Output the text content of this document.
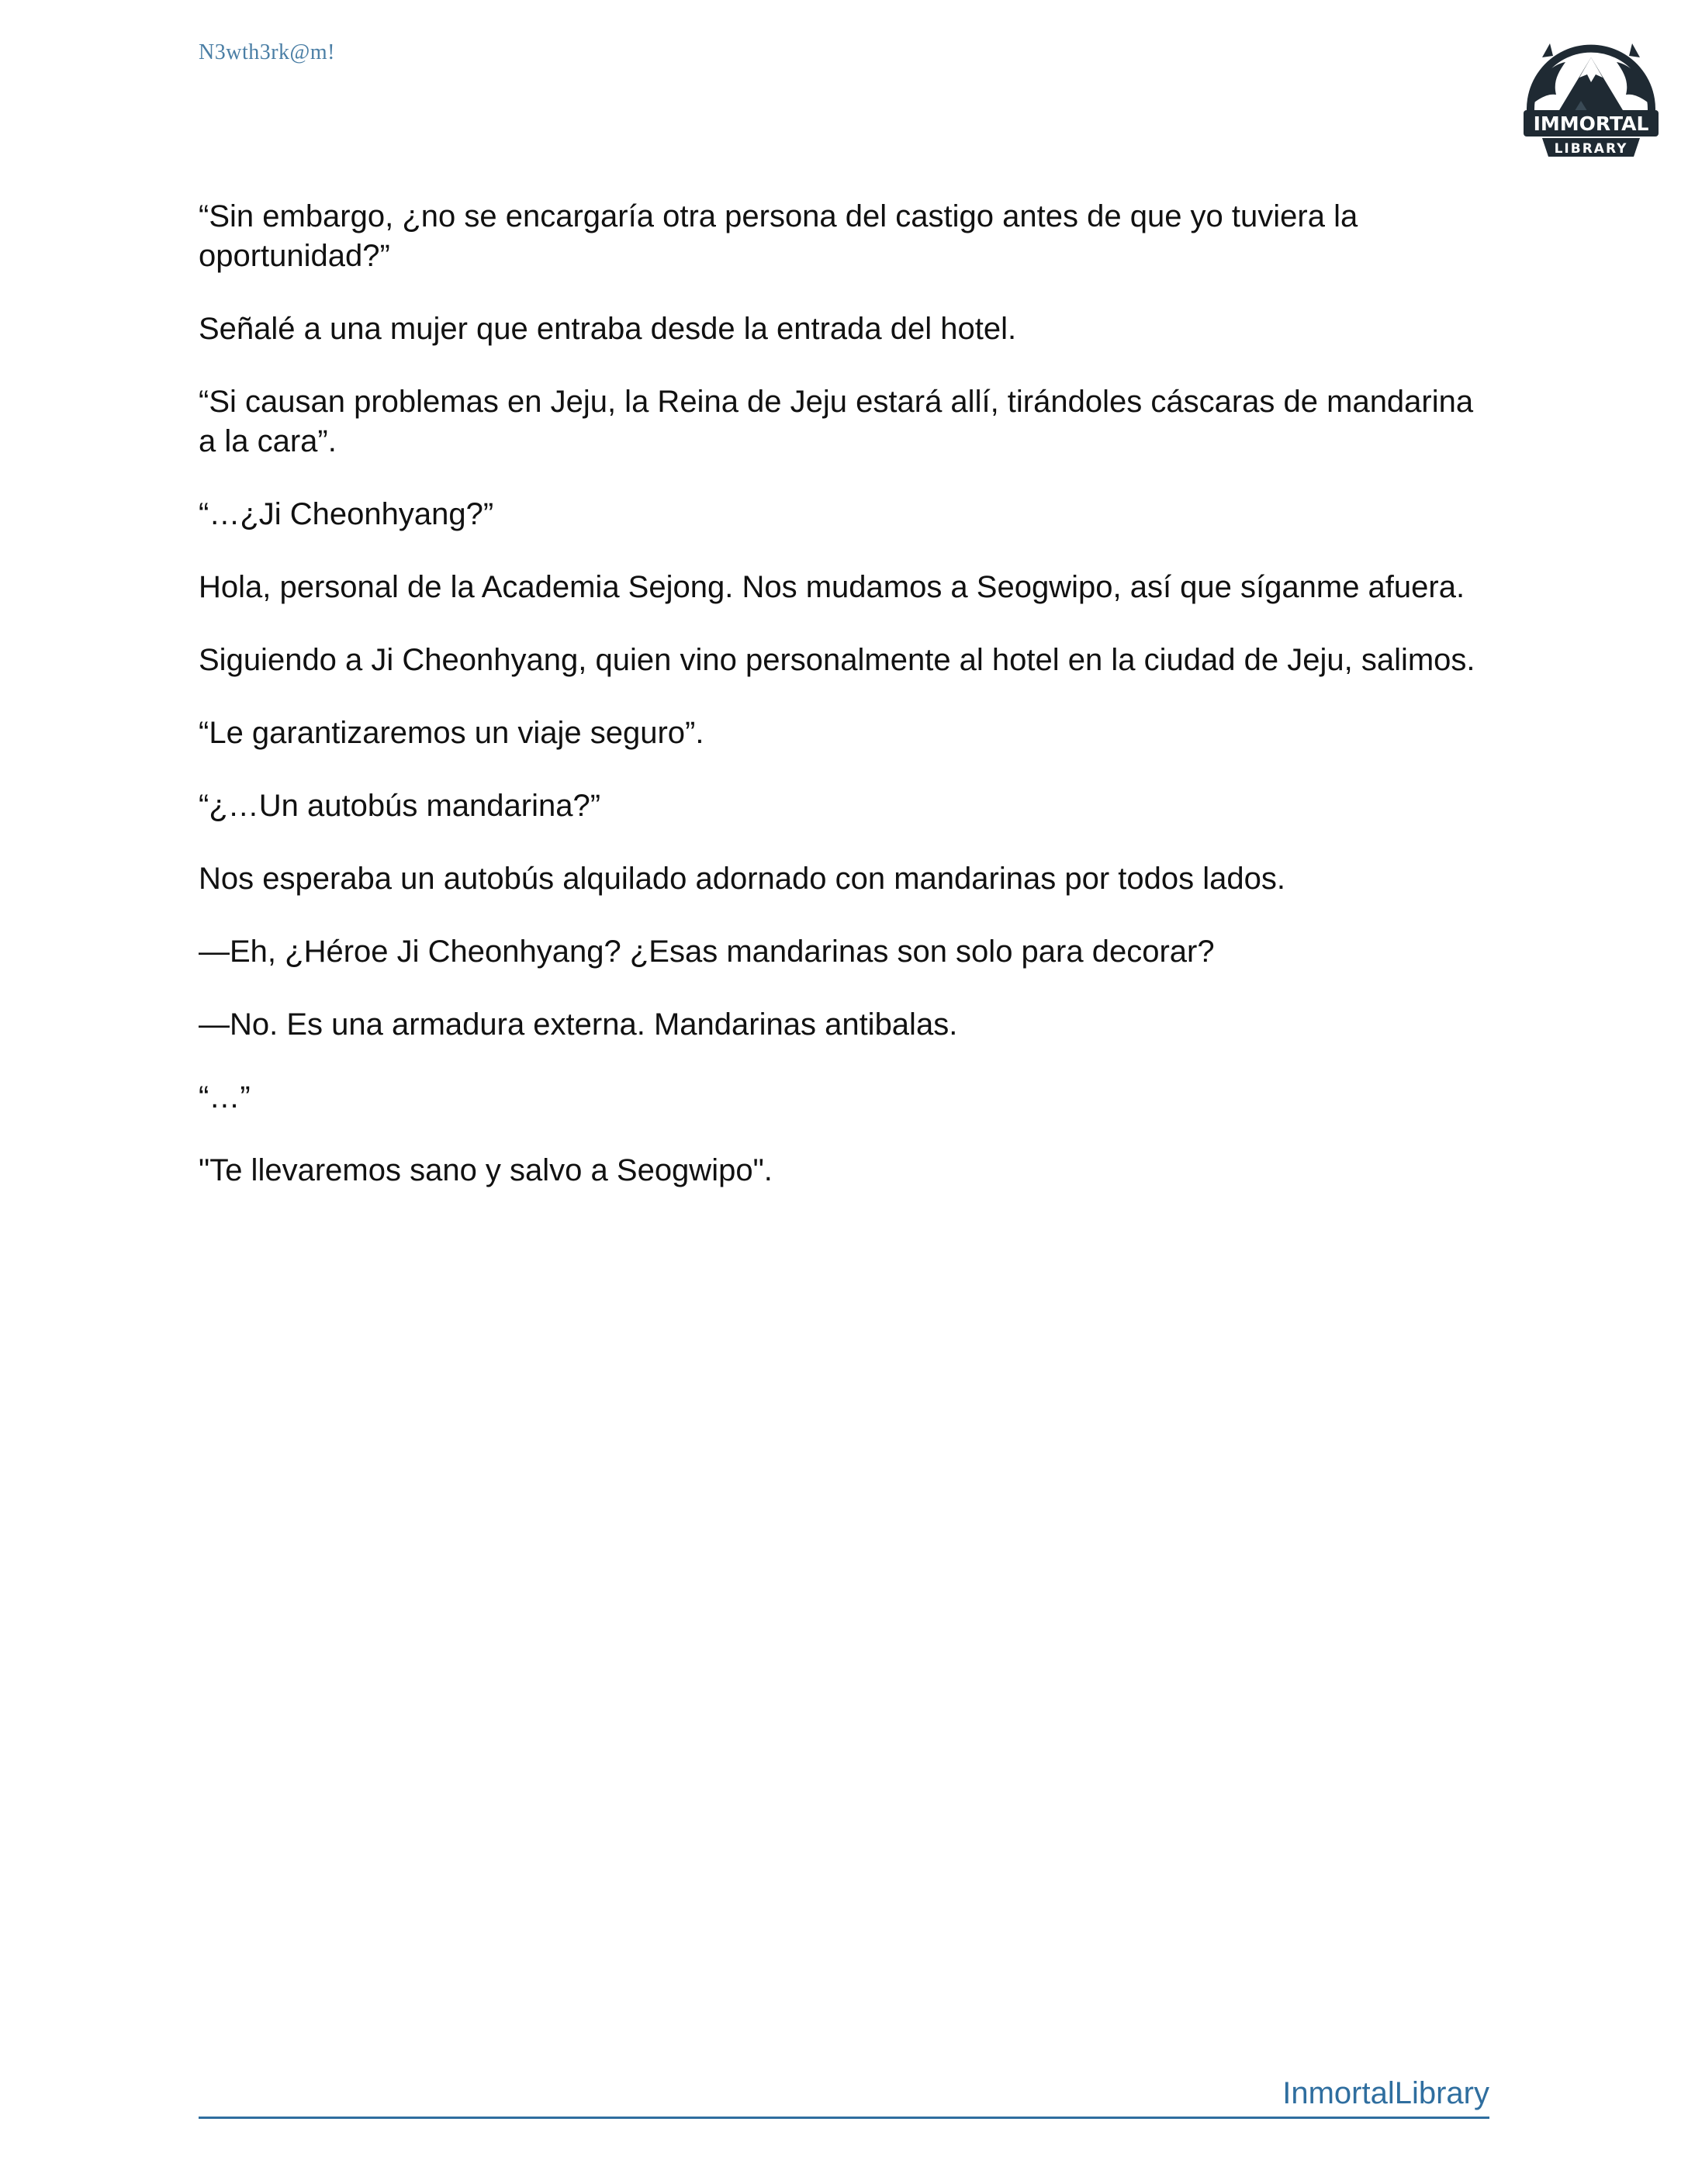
N3wth3rk@m!
IMMORTAL
LIBRARY

“Sin embargo, ¿no se encargaría otra persona del castigo antes de que yo tuviera la oportunidad?”

Señalé a una mujer que entraba desde la entrada del hotel.

“Si causan problemas en Jeju, la Reina de Jeju estará allí, tirándoles cáscaras de mandarina a la cara”.

“…¿Ji Cheonhyang?”

Hola, personal de la Academia Sejong. Nos mudamos a Seogwipo, así que síganme afuera.

Siguiendo a Ji Cheonhyang, quien vino personalmente al hotel en la ciudad de Jeju, salimos.

“Le garantizaremos un viaje seguro”.

“¿…Un autobús mandarina?”

Nos esperaba un autobús alquilado adornado con mandarinas por todos lados.

—Eh, ¿Héroe Ji Cheonhyang? ¿Esas mandarinas son solo para decorar?

—No. Es una armadura externa. Mandarinas antibalas.

“…”

"Te llevaremos sano y salvo a Seogwipo".

InmortalLibrary
